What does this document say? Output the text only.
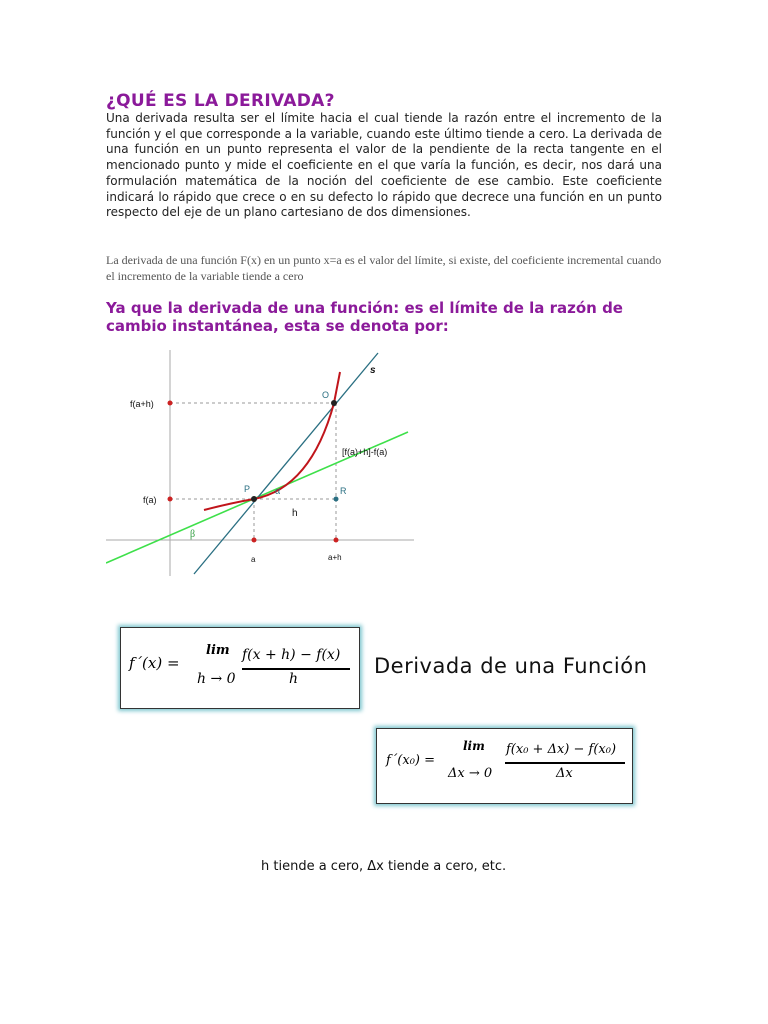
¿QUÉ ES LA DERIVADA?

Una derivada resulta ser el límite hacia el cual tiende la razón entre el incremento de la función y el que corresponde a la variable, cuando este último tiende a cero. La derivada de una función en un punto representa el valor de la pendiente de la recta tangente en el mencionado punto y mide el coeficiente en el que varía la función, es decir, nos dará una formulación matemática de la noción del coeficiente de ese cambio. Este coeficiente indicará lo rápido que crece o en su defecto lo rápido que decrece una función en un punto respecto del eje de un plano cartesiano de dos dimensiones.

La derivada de una función F(x) en un punto x=a es el valor del límite, si existe, del coeficiente incremental cuando el incremento de la variable tiende a cero

Ya que la derivada de una función: es el límite de la razón de cambio instantánea, esta se denota por:
f(a+h)
f(a)
O
s
P α	R
h
β
[f(a)+h]-f(a)
a	a+h
f´(x) =
lim
h → 0
f(x + h) − f(x)
h
Derivada de una Función
f´(x₀) =
lim
Δx → 0
f(x₀ + Δx) − f(x₀)
Δx
h tiende a cero, Δx tiende a cero, etc.
